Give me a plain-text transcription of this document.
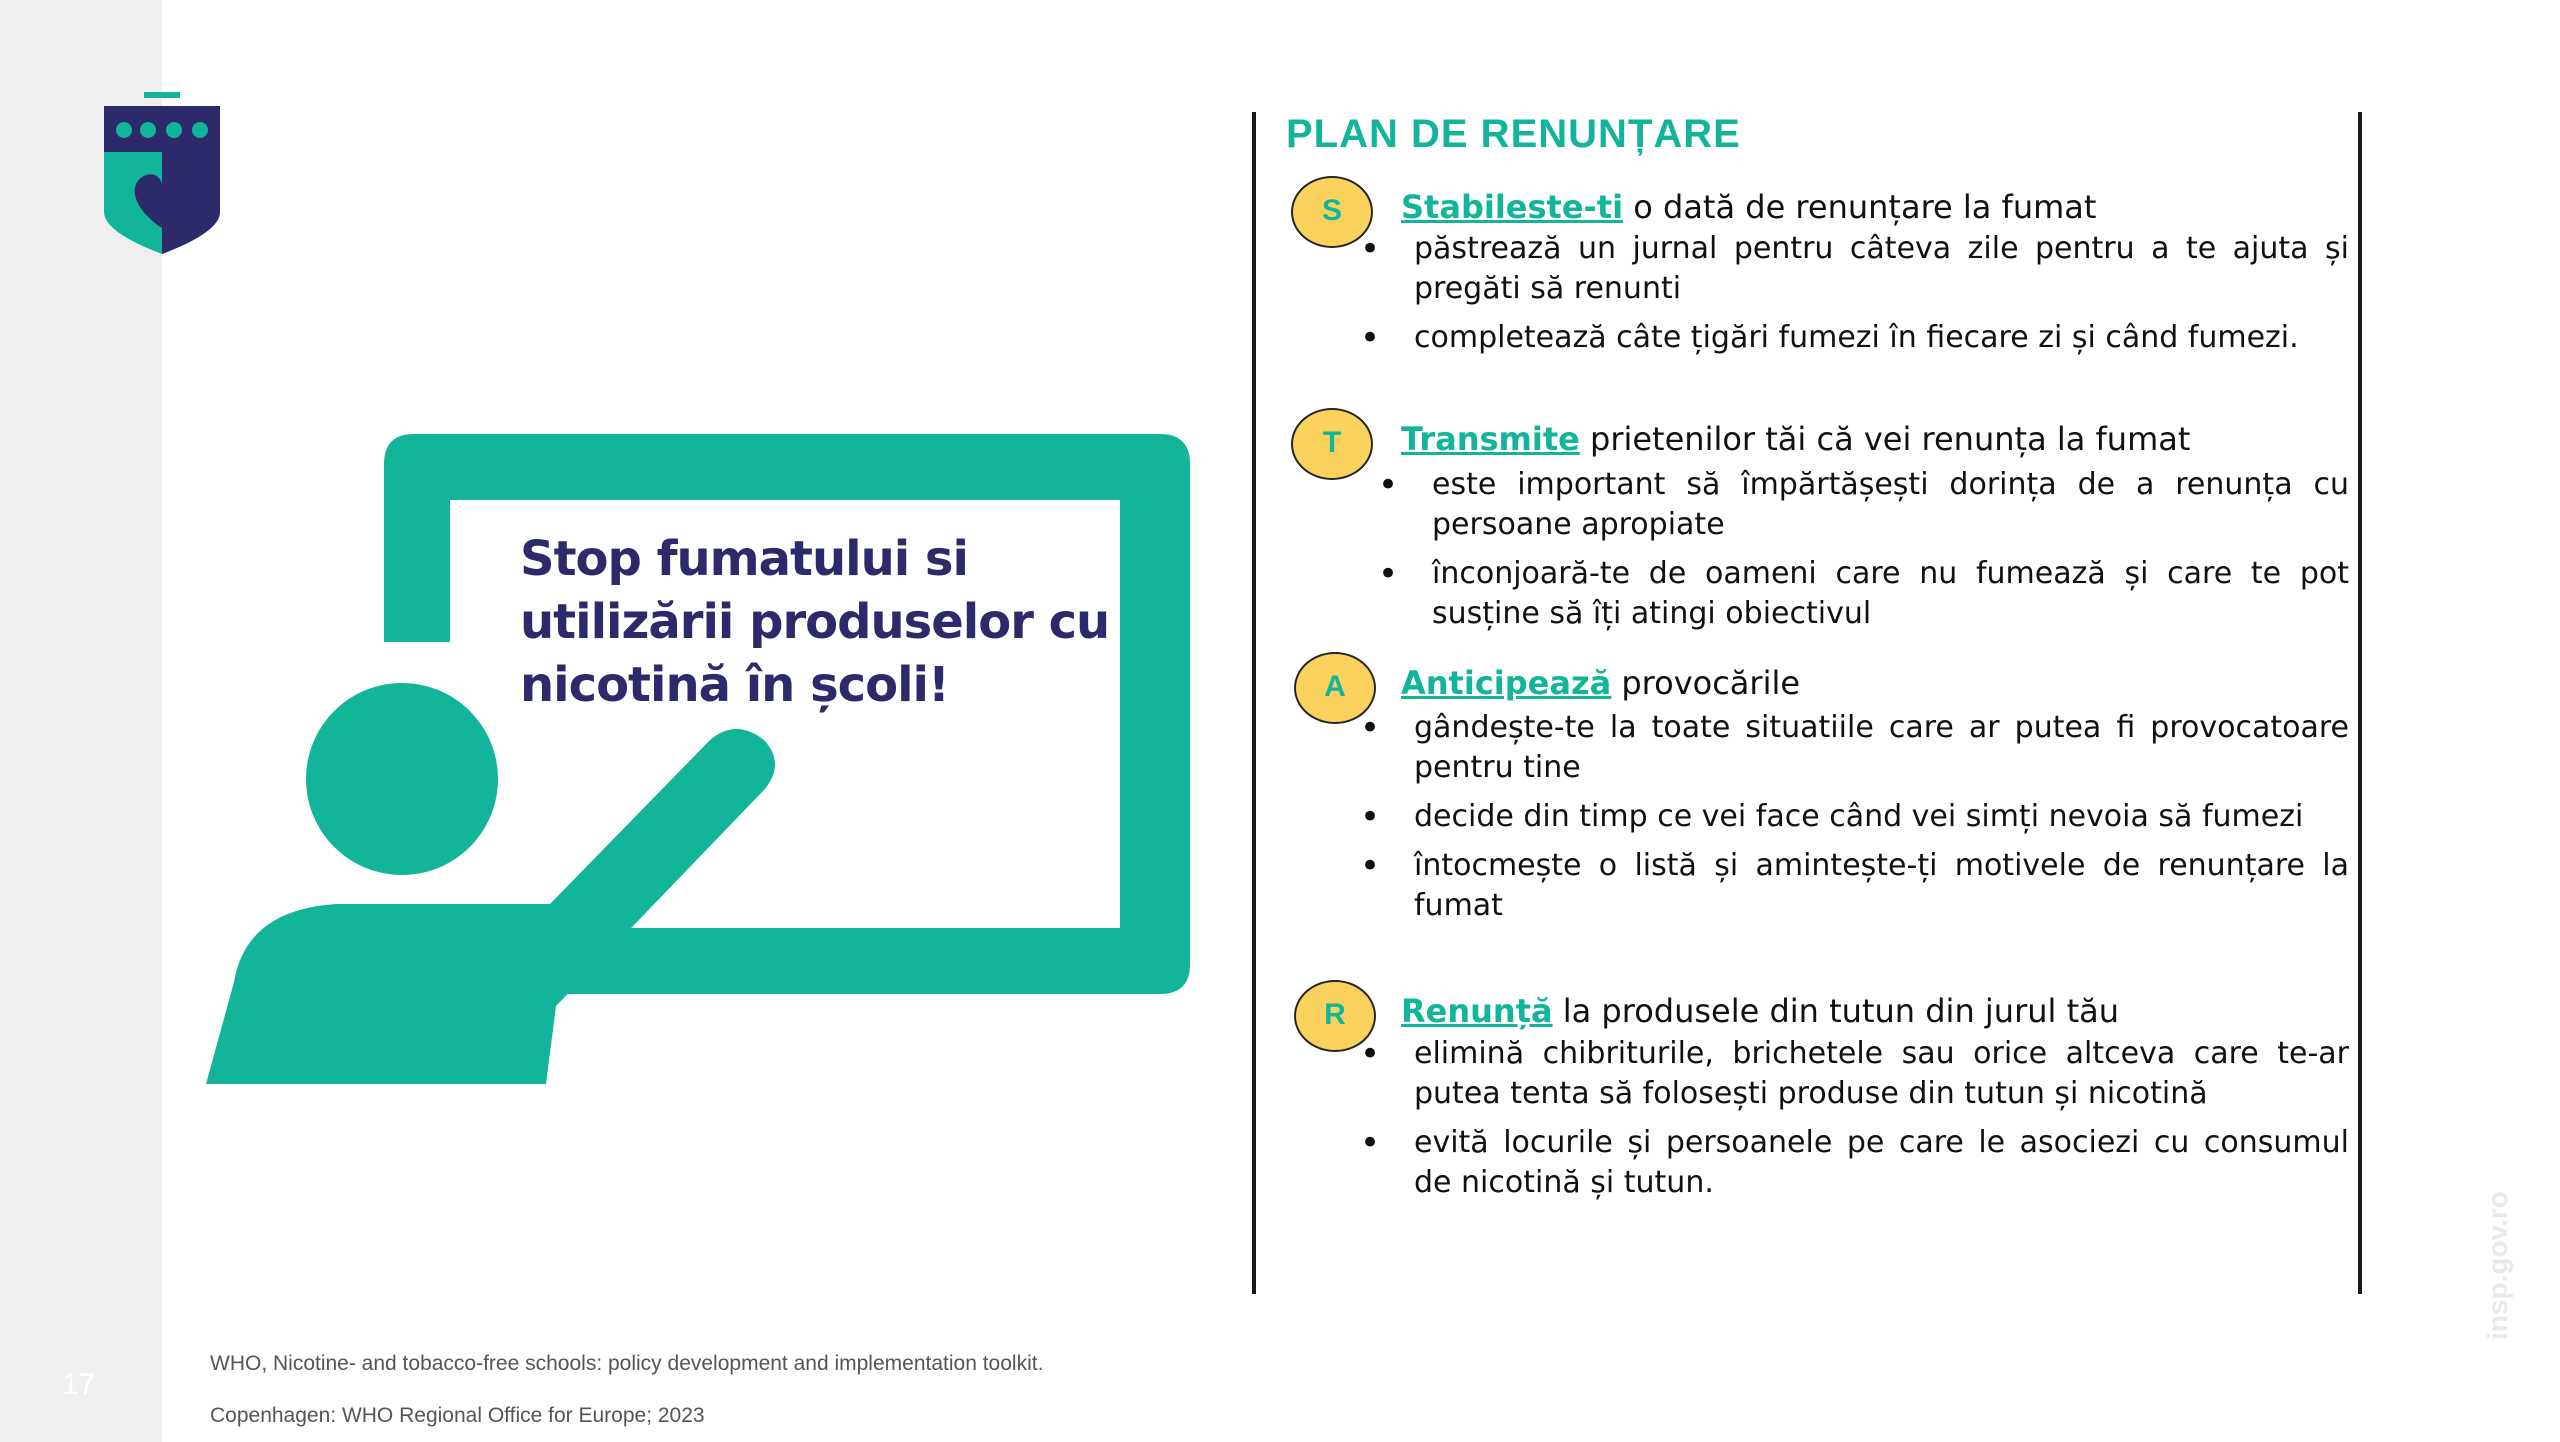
17
Stop fumatului si
utilizării produselor cu
nicotină în școli!
PLAN DE RENUNȚARE
S	Stabileste-ti o dată de renunțare la fumat
• păstrează un jurnal pentru câteva zile pentru a te ajuta și pregăti să renunti
• completează câte țigări fumezi în fiecare zi și când fumezi.
T	Transmite prietenilor tăi că vei renunța la fumat
• este important să împărtășești dorința de a renunța cu persoane apropiate
• înconjoară-te de oameni care nu fumează și care te pot susține să îți atingi obiectivul
A	Anticipează provocările
• gândește-te la toate situatiile care ar putea fi provocatoare pentru tine
• decide din timp ce vei face când vei simți nevoia să fumezi
• întocmește o listă și amintește-ți motivele de renunțare la fumat
R	Renunță la produsele din tutun din jurul tău
• elimină chibriturile, brichetele sau orice altceva care te-ar putea tenta să folosești produse din tutun și nicotină
• evită locurile și persoanele pe care le asociezi cu consumul de nicotină și tutun.
WHO, Nicotine- and tobacco-free schools: policy development and implementation toolkit.
Copenhagen: WHO Regional Office for Europe; 2023
insp.gov.ro
